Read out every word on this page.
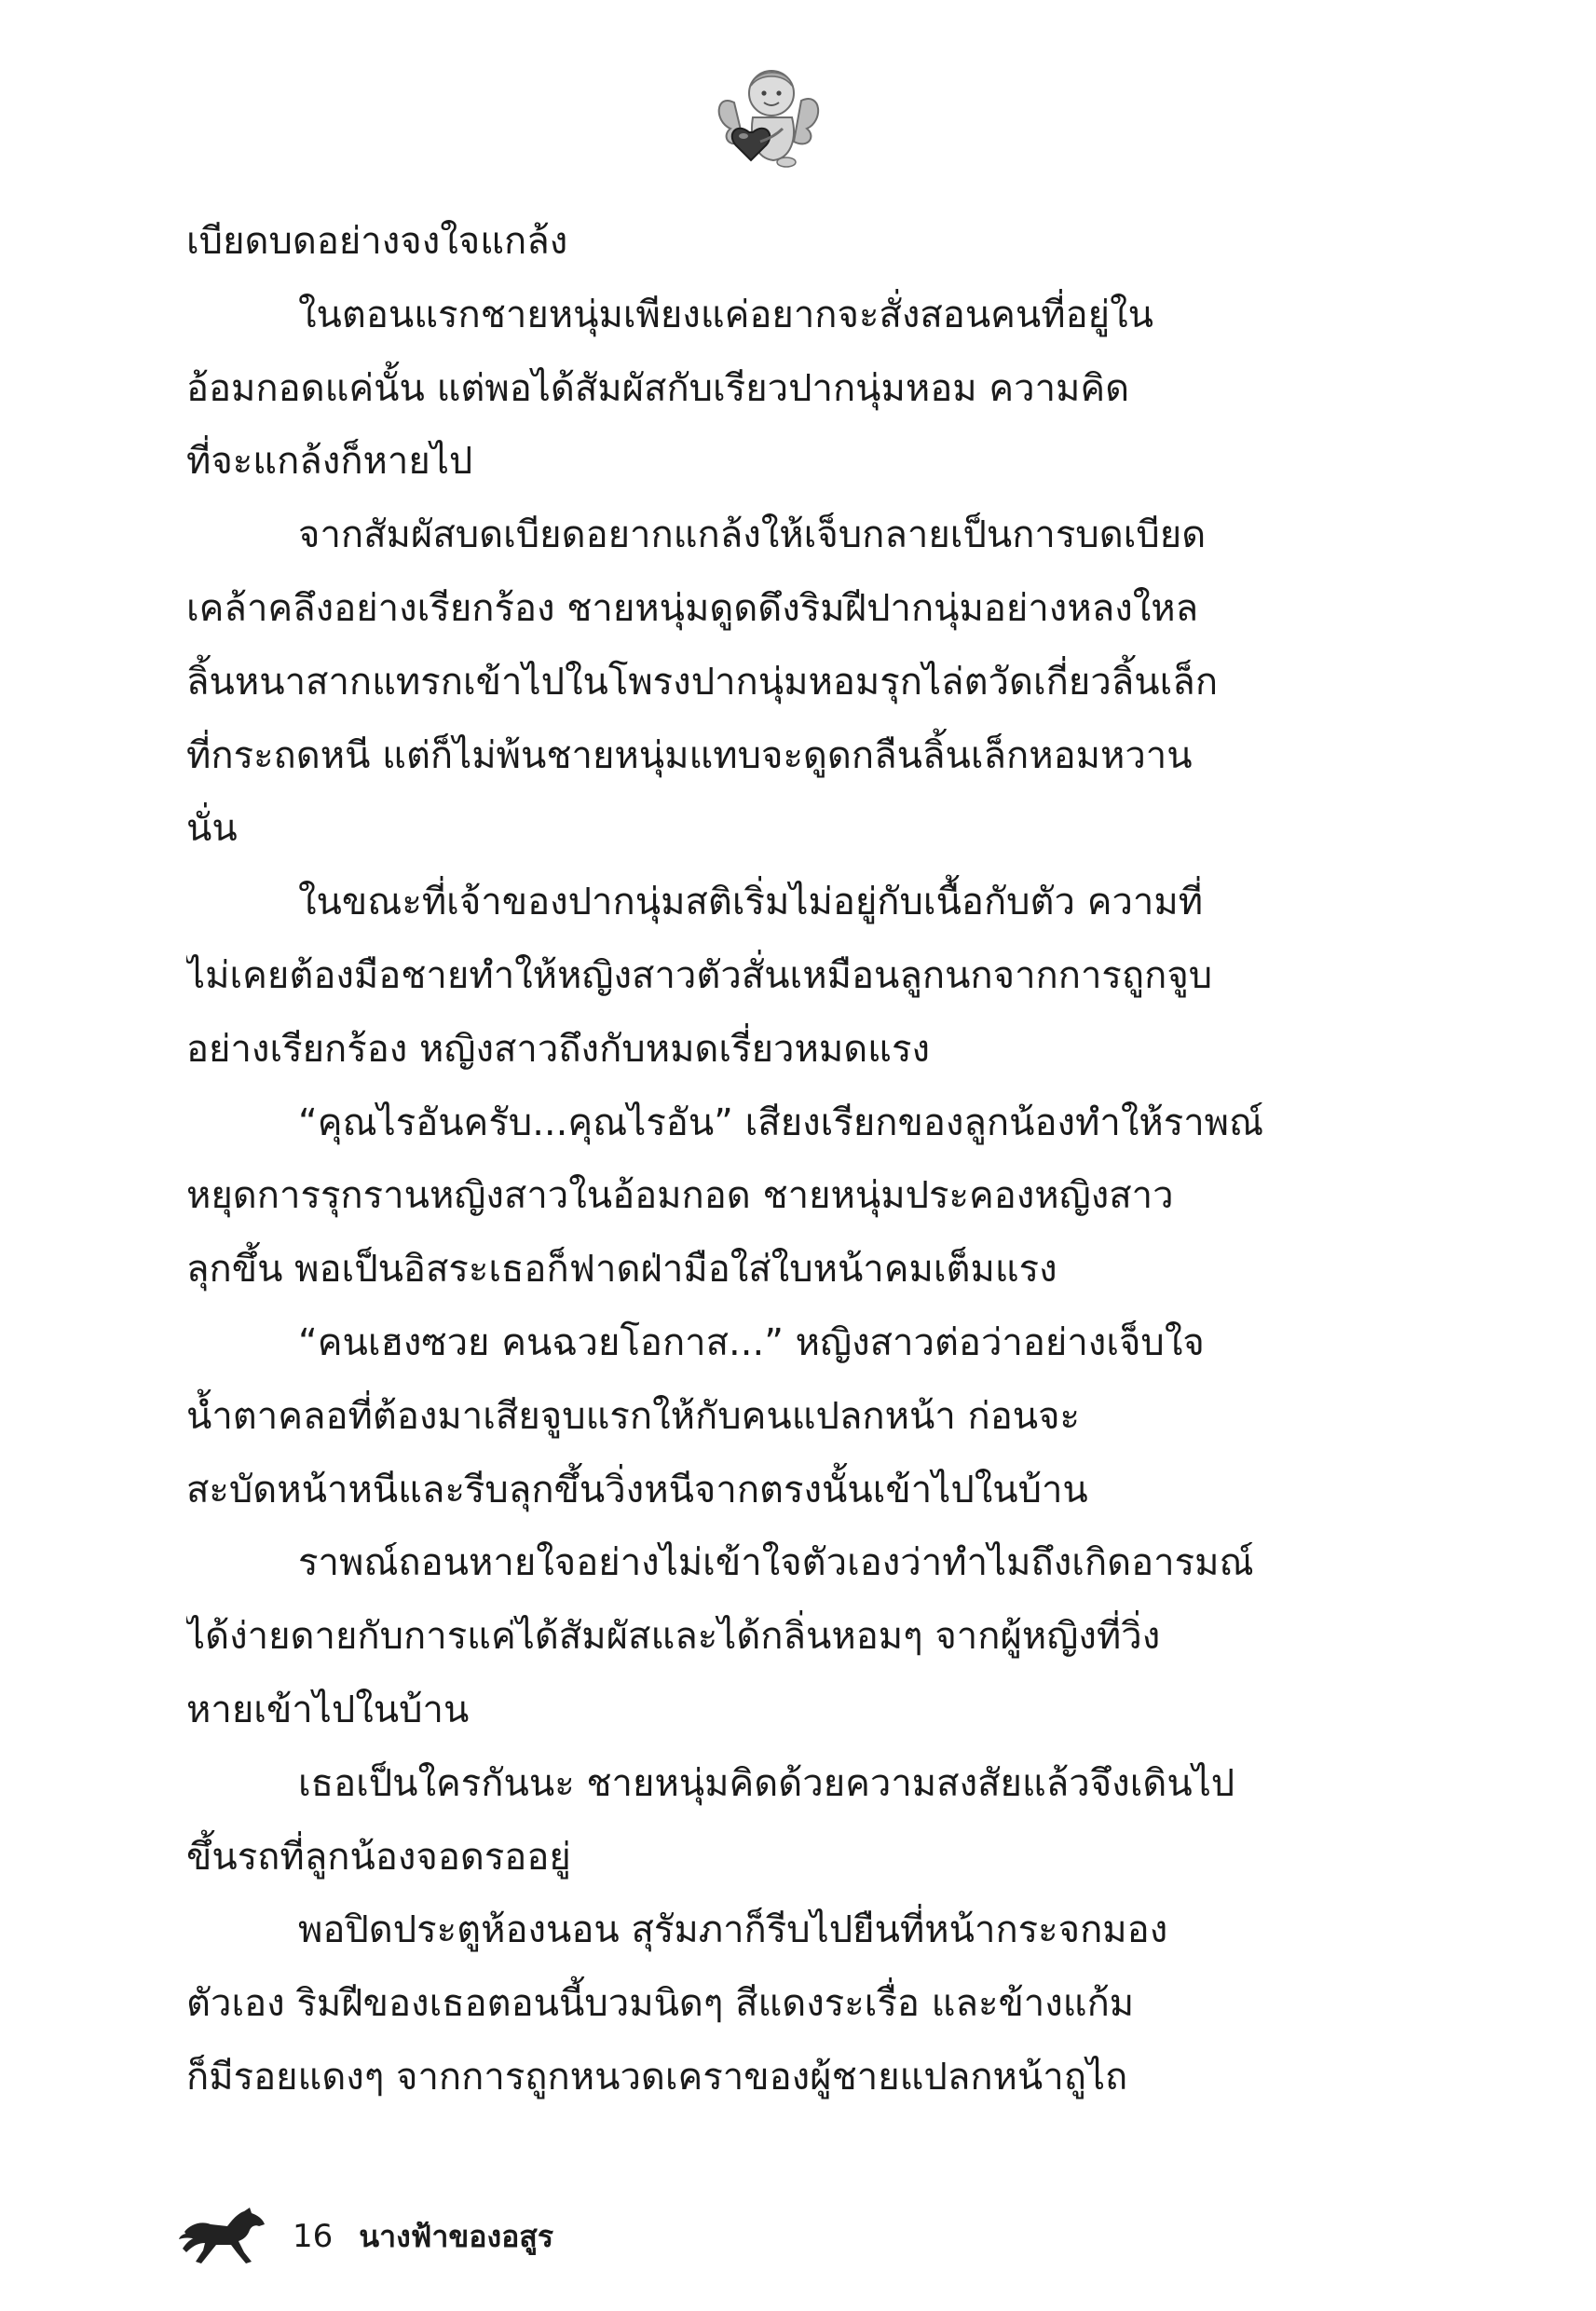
เบียดบดอย่างจงใจแกล้ง
ในตอนแรกชายหนุ่มเพียงแค่อยากจะสั่งสอนคนที่อยู่ใน
อ้อมกอดแค่นั้น แต่พอได้สัมผัสกับเรียวปากนุ่มหอม ความคิด
ที่จะแกล้งก็หายไป
จากสัมผัสบดเบียดอยากแกล้งให้เจ็บกลายเป็นการบดเบียด
เคล้าคลึงอย่างเรียกร้อง ชายหนุ่มดูดดึงริมฝีปากนุ่มอย่างหลงใหล
ลิ้นหนาสากแทรกเข้าไปในโพรงปากนุ่มหอมรุกไล่ตวัดเกี่ยวลิ้นเล็ก
ที่กระถดหนี แต่ก็ไม่พ้นชายหนุ่มแทบจะดูดกลืนลิ้นเล็กหอมหวาน
นั่น
ในขณะที่เจ้าของปากนุ่มสติเริ่มไม่อยู่กับเนื้อกับตัว ความที่
ไม่เคยต้องมือชายทำให้หญิงสาวตัวสั่นเหมือนลูกนกจากการถูกจูบ
อย่างเรียกร้อง หญิงสาวถึงกับหมดเรี่ยวหมดแรง
“คุณไรอันครับ...คุณไรอัน” เสียงเรียกของลูกน้องทำให้ราพณ์
หยุดการรุกรานหญิงสาวในอ้อมกอด ชายหนุ่มประคองหญิงสาว
ลุกขึ้น พอเป็นอิสระเธอก็ฟาดฝ่ามือใส่ใบหน้าคมเต็มแรง
“คนเฮงซวย คนฉวยโอกาส...” หญิงสาวต่อว่าอย่างเจ็บใจ
น้ำตาคลอที่ต้องมาเสียจูบแรกให้กับคนแปลกหน้า ก่อนจะ
สะบัดหน้าหนีและรีบลุกขึ้นวิ่งหนีจากตรงนั้นเข้าไปในบ้าน
ราพณ์ถอนหายใจอย่างไม่เข้าใจตัวเองว่าทำไมถึงเกิดอารมณ์
ได้ง่ายดายกับการแค่ได้สัมผัสและได้กลิ่นหอมๆ จากผู้หญิงที่วิ่ง
หายเข้าไปในบ้าน
เธอเป็นใครกันนะ ชายหนุ่มคิดด้วยความสงสัยแล้วจึงเดินไป
ขึ้นรถที่ลูกน้องจอดรออยู่
พอปิดประตูห้องนอน สุรัมภาก็รีบไปยืนที่หน้ากระจกมอง
ตัวเอง ริมฝีของเธอตอนนี้บวมนิดๆ สีแดงระเรื่อ และข้างแก้ม
ก็มีรอยแดงๆ จากการถูกหนวดเคราของผู้ชายแปลกหน้าถูไถ
16 นางฟ้าของอสูร
